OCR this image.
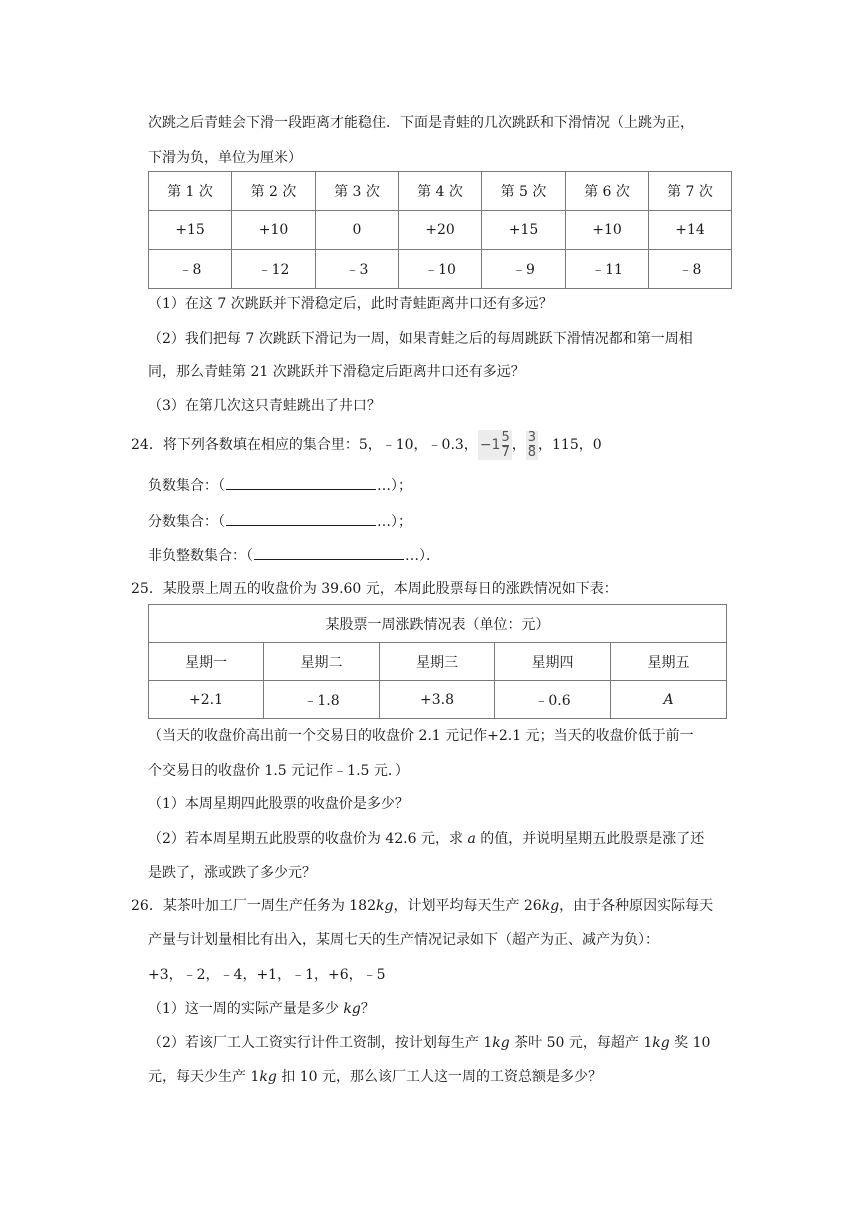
次跳之后青蛙会下滑一段距离才能稳住．下面是青蛙的几次跳跃和下滑情况（上跳为正，
下滑为负，单位为厘米）
第 1 次	第 2 次	第 3 次	第 4 次	第 5 次	第 6 次	第 7 次
+15	+10	0	+20	+15	+10	+14
﹣8	﹣12	﹣3	﹣10	﹣9	﹣11	﹣8
（1）在这 7 次跳跃并下滑稳定后，此时青蛙距离井口还有多远？
（2）我们把每 7 次跳跃下滑记为一周，如果青蛙之后的每周跳跃下滑情况都和第一周相
同，那么青蛙第 21 次跳跃并下滑稳定后距离井口还有多远？
（3）在第几次这只青蛙跳出了井口？
24．将下列各数填在相应的集合里：5，﹣10，﹣0.3， $-1 \frac{5}{7}$ ， $\frac{3}{8}$ ，115，0
负数集合：（	…）；
分数集合：（	…）；
非负整数集合：（	…）．
25．某股票上周五的收盘价为 39.60 元，本周此股票每日的涨跌情况如下表：
某股票一周涨跌情况表（单位：元）				
星期一	星期二	星期三	星期四	星期五
+2.1	﹣1.8	+3.8	﹣0.6	A
（当天的收盘价高出前一个交易日的收盘价 2.1 元记作+2.1 元；当天的收盘价低于前一
个交易日的收盘价 1.5 元记作﹣1.5 元．）
（1）本周星期四此股票的收盘价是多少？
（2）若本周星期五此股票的收盘价为 42.6 元，求 a 的值，并说明星期五此股票是涨了还
是跌了，涨或跌了多少元？
26．某茶叶加工厂一周生产任务为 182kg，计划平均每天生产 26kg，由于各种原因实际每天
产量与计划量相比有出入，某周七天的生产情况记录如下（超产为正、减产为负）：
+3，﹣2，﹣4，+1，﹣1，+6，﹣5
（1）这一周的实际产量是多少 kg？
（2）若该厂工人工资实行计件工资制，按计划每生产 1kg 茶叶 50 元，每超产 1kg 奖 10
元，每天少生产 1kg 扣 10 元，那么该厂工人这一周的工资总额是多少？
